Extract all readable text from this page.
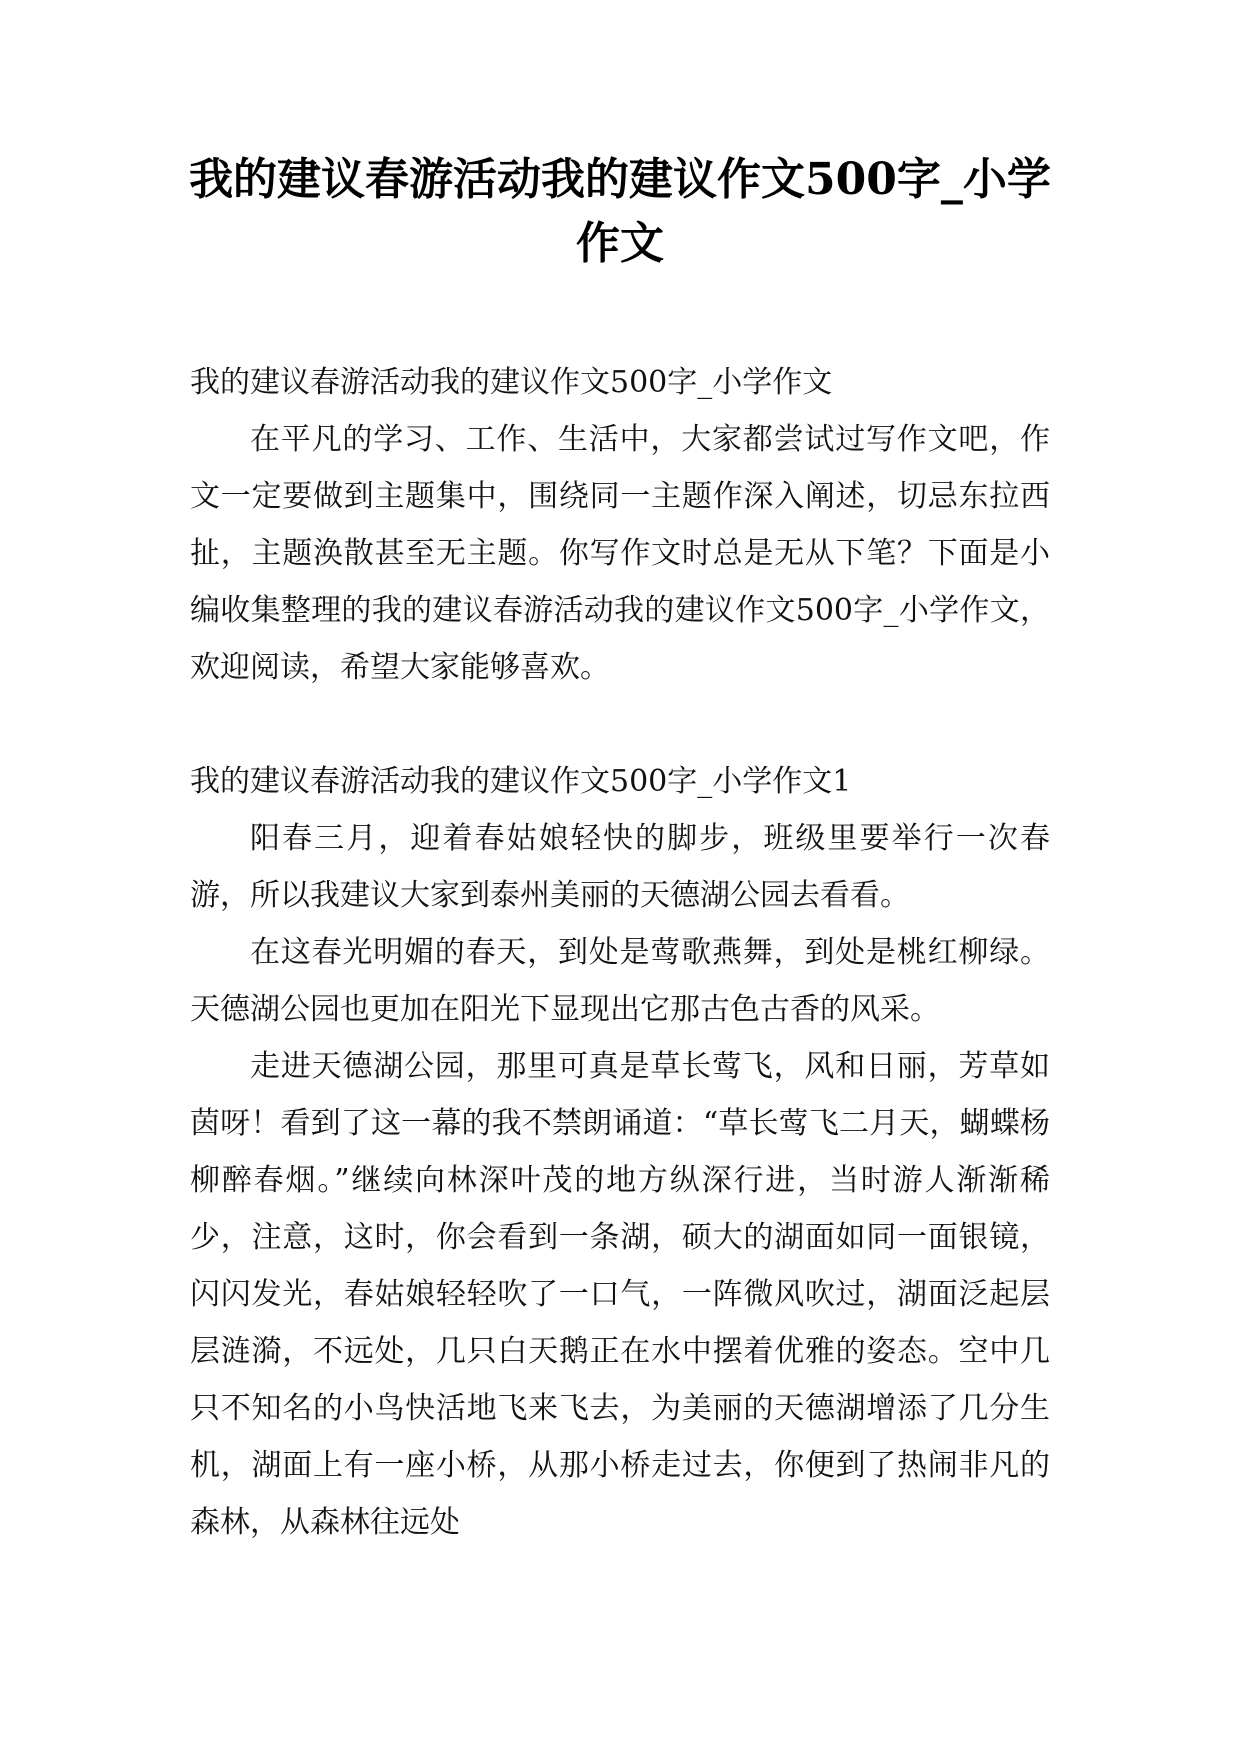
我的建议春游活动我的建议作文500字_小学作文

我的建议春游活动我的建议作文500字_小学作文

在平凡的学习、工作、生活中，大家都尝试过写作文吧，作文一定要做到主题集中，围绕同一主题作深入阐述，切忌东拉西扯，主题涣散甚至无主题。你写作文时总是无从下笔？下面是小编收集整理的我的建议春游活动我的建议作文500字_小学作文，欢迎阅读，希望大家能够喜欢。

我的建议春游活动我的建议作文500字_小学作文1

阳春三月，迎着春姑娘轻快的脚步，班级里要举行一次春游，所以我建议大家到泰州美丽的天德湖公园去看看。

在这春光明媚的春天，到处是莺歌燕舞，到处是桃红柳绿。天德湖公园也更加在阳光下显现出它那古色古香的风采。

走进天德湖公园，那里可真是草长莺飞，风和日丽，芳草如茵呀！看到了这一幕的我不禁朗诵道：“草长莺飞二月天，蝴蝶杨柳醉春烟。”继续向林深叶茂的地方纵深行进，当时游人渐渐稀少，注意，这时，你会看到一条湖，硕大的湖面如同一面银镜，闪闪发光，春姑娘轻轻吹了一口气，一阵微风吹过，湖面泛起层层涟漪，不远处，几只白天鹅正在水中摆着优雅的姿态。空中几只不知名的小鸟快活地飞来飞去，为美丽的天德湖增添了几分生机，湖面上有一座小桥，从那小桥走过去，你便到了热闹非凡的森林，从森林往远处
